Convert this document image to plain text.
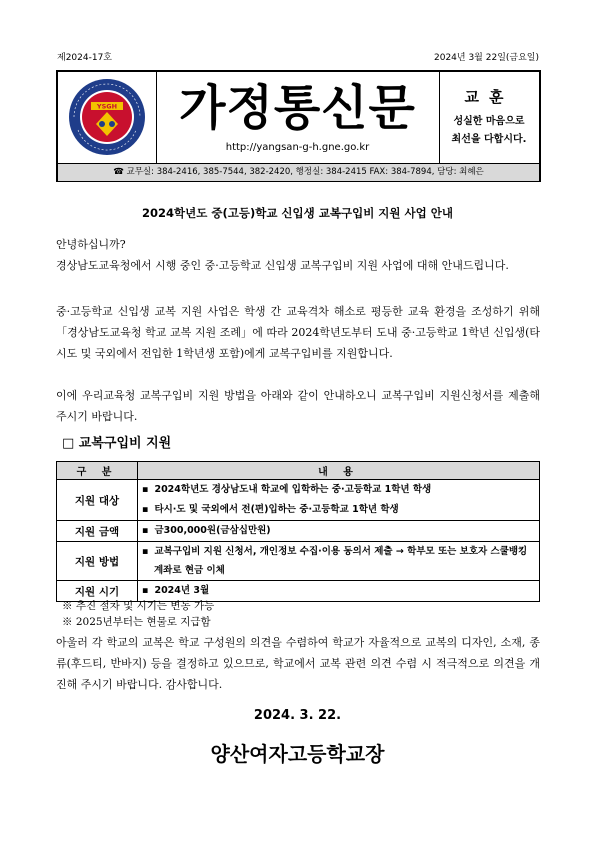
제2024-17호	2024년 3월 22일(금요일)
YSGH	가정통신문
http://yangsan-g-h.gne.go.kr
교훈
성실한 마음으로
최선을 다합시다.
☎ 교무실: 384-2416, 385-7544, 382-2420, 행정실: 384-2415 FAX: 384-7894, 담당: 최혜은
2024학년도 중(고등)학교 신입생 교복구입비 지원 사업 안내
안녕하십니까?
경상남도교육청에서 시행 중인 중·고등학교 신입생 교복구입비 지원 사업에 대해 안내드립니다.
중·고등학교 신입생 교복 지원 사업은 학생 간 교육격차 해소로 평등한 교육 환경을 조성하기 위해 「경상남도교육청 학교 교복 지원 조례」에 따라 2024학년도부터 도내 중·고등학교 1학년 신입생(타시도 및 국외에서 전입한 1학년생 포함)에게 교복구입비를 지원합니다.
이에 우리교육청 교복구입비 지원 방법을 아래와 같이 안내하오니 교복구입비 지원신청서를 제출해 주시기 바랍니다.
□ 교복구입비 지원
구 분	내 용
지원 대상	▪ 2024학년도 경상남도내 학교에 입학하는 중·고등학교 1학년 학생
▪ 타시·도 및 국외에서 전(편)입하는 중·고등학교 1학년 학생

지원 금액	▪ 금300,000원(금삼십만원)

지원 방법	▪ 교복구입비 지원 신청서, 개인정보 수집·이용 동의서 제출 → 학부모 또는 보호자 스쿨뱅킹 계좌로 현금 이체

지원 시기	▪ 2024년 3월
※ 추진 절차 및 시기는 변동 가능
※ 2025년부터는 현물로 지급함
아울러 각 학교의 교복은 학교 구성원의 의견을 수렴하여 학교가 자율적으로 교복의 디자인, 소재, 종류(후드티, 반바지) 등을 결정하고 있으므로, 학교에서 교복 관련 의견 수렴 시 적극적으로 의견을 개진해 주시기 바랍니다. 감사합니다.
2024. 3. 22.
양산여자고등학교장
